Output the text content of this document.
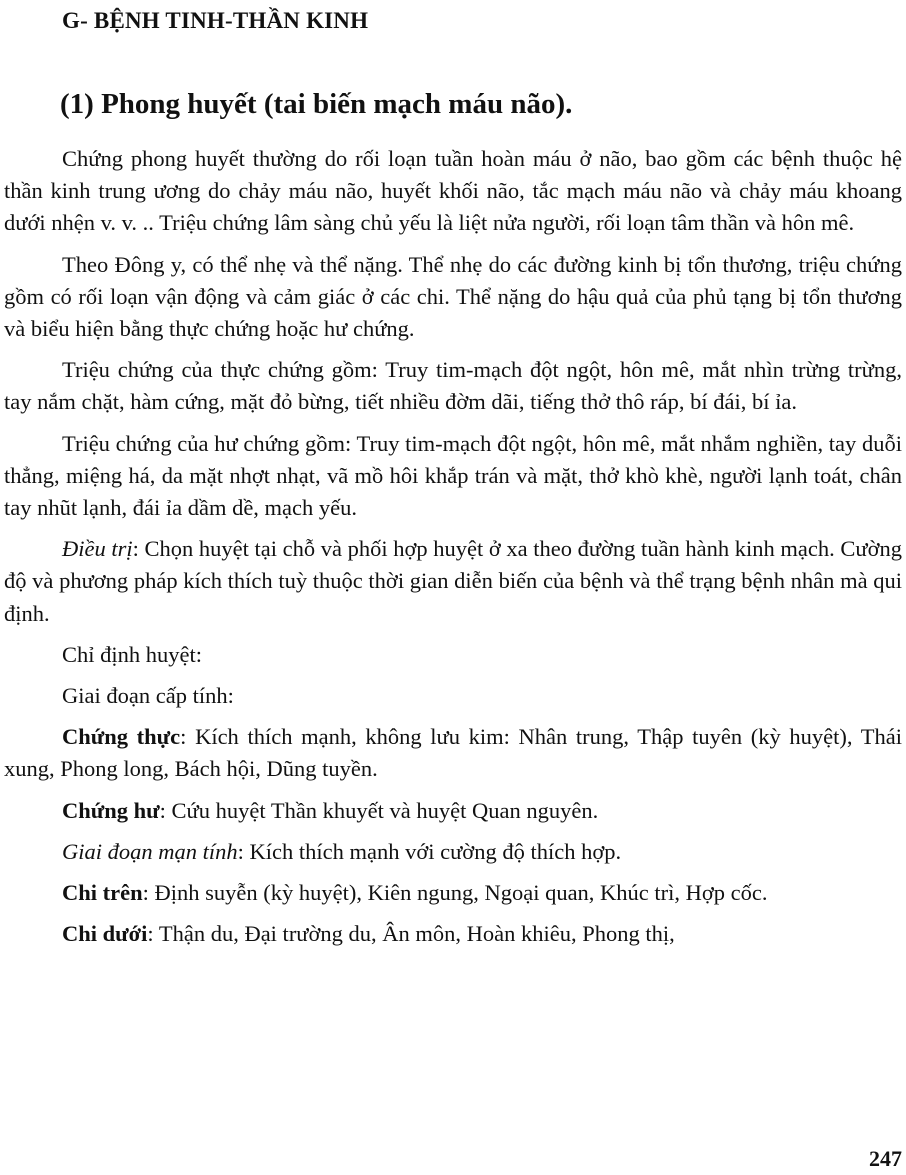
G- BỆNH TINH-THẦN KINH
(1) Phong huyết (tai biến mạch máu não).

Chứng phong huyết thường do rối loạn tuần hoàn máu ở não, bao gồm các bệnh thuộc hệ thần kinh trung ương do chảy máu não, huyết khối não, tắc mạch máu não và chảy máu khoang dưới nhện v. v. .. Triệu chứng lâm sàng chủ yếu là liệt nửa người, rối loạn tâm thần và hôn mê.

Theo Đông y, có thể nhẹ và thể nặng. Thể nhẹ do các đường kinh bị tổn thương, triệu chứng gồm có rối loạn vận động và cảm giác ở các chi. Thể nặng do hậu quả của phủ tạng bị tổn thương và biểu hiện bằng thực chứng hoặc hư chứng.

Triệu chứng của thực chứng gồm: Truy tim-mạch đột ngột, hôn mê, mắt nhìn trừng trừng, tay nắm chặt, hàm cứng, mặt đỏ bừng, tiết nhiều đờm dãi, tiếng thở thô ráp, bí đái, bí ỉa.

Triệu chứng của hư chứng gồm: Truy tim-mạch đột ngột, hôn mê, mắt nhắm nghiền, tay duỗi thẳng, miệng há, da mặt nhợt nhạt, vã mồ hôi khắp trán và mặt, thở khò khè, người lạnh toát, chân tay nhũt lạnh, đái ỉa dầm dề, mạch yếu.

Điều trị: Chọn huyệt tại chỗ và phối hợp huyệt ở xa theo đường tuần hành kinh mạch. Cường độ và phương pháp kích thích tuỳ thuộc thời gian diễn biến của bệnh và thể trạng bệnh nhân mà qui định.

Chỉ định huyệt:

Giai đoạn cấp tính:

Chứng thực: Kích thích mạnh, không lưu kim: Nhân trung, Thập tuyên (kỳ huyệt), Thái xung, Phong long, Bách hội, Dũng tuyền.

Chứng hư: Cứu huyệt Thần khuyết và huyệt Quan nguyên.

Giai đoạn mạn tính: Kích thích mạnh với cường độ thích hợp.

Chi trên: Định suyễn (kỳ huyệt), Kiên ngung, Ngoại quan, Khúc trì, Hợp cốc.

Chi dưới: Thận du, Đại trường du, Ân môn, Hoàn khiêu, Phong thị,

247
